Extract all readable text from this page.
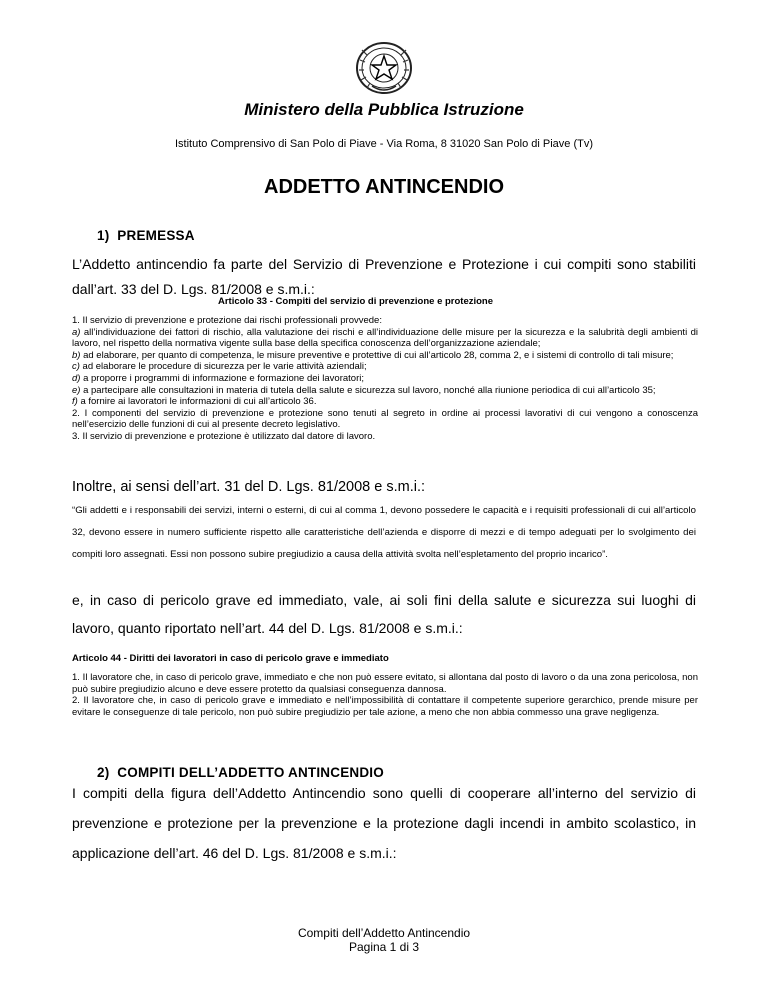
Ministero della Pubblica Istruzione
Istituto Comprensivo di San Polo di Piave - Via Roma, 8 31020 San Polo di Piave (Tv)
ADDETTO ANTINCENDIO
1)  PREMESSA
L’Addetto antincendio fa parte del Servizio di Prevenzione e Protezione i cui compiti sono stabiliti dall’art. 33 del D. Lgs. 81/2008 e s.m.i.:
Articolo 33 - Compiti del servizio di prevenzione e protezione

1. Il servizio di prevenzione e protezione dai rischi professionali provvede:

a) all’individuazione dei fattori di rischio, alla valutazione dei rischi e all’individuazione delle misure per la sicurezza e la salubrità degli ambienti di lavoro, nel rispetto della normativa vigente sulla base della specifica conoscenza dell’organizzazione aziendale;

b) ad elaborare, per quanto di competenza, le misure preventive e protettive di cui all’articolo 28, comma 2, e i sistemi di controllo di tali misure;

c) ad elaborare le procedure di sicurezza per le varie attività aziendali;

d) a proporre i programmi di informazione e formazione dei lavoratori;

e) a partecipare alle consultazioni in materia di tutela della salute e sicurezza sul lavoro, nonché alla riunione periodica di cui all’articolo 35;

f) a fornire ai lavoratori le informazioni di cui all’articolo 36.

2. I componenti del servizio di prevenzione e protezione sono tenuti al segreto in ordine ai processi lavorativi di cui vengono a conoscenza nell’esercizio delle funzioni di cui al presente decreto legislativo.

3. Il servizio di prevenzione e protezione è utilizzato dal datore di lavoro.

Inoltre, ai sensi dell’art. 31 del D. Lgs. 81/2008 e s.m.i.:
“Gli addetti e i responsabili dei servizi, interni o esterni, di cui al comma 1, devono possedere le capacità e i requisiti professionali di cui all’articolo 32, devono essere in numero sufficiente rispetto alle caratteristiche dell’azienda e disporre di mezzi e di tempo adeguati per lo svolgimento dei compiti loro assegnati. Essi non possono subire pregiudizio a causa della attività svolta nell’espletamento del proprio incarico”.
e, in caso di pericolo grave ed immediato, vale, ai soli fini della salute e sicurezza sui luoghi di lavoro, quanto riportato nell’art. 44 del D. Lgs. 81/2008 e s.m.i.:
Articolo 44 - Diritti dei lavoratori in caso di pericolo grave e immediato

1. Il lavoratore che, in caso di pericolo grave, immediato e che non può essere evitato, si allontana dal posto di lavoro o da una zona pericolosa, non può subire pregiudizio alcuno e deve essere protetto da qualsiasi conseguenza dannosa.

2. Il lavoratore che, in caso di pericolo grave e immediato e nell’impossibilità di contattare il competente superiore gerarchico, prende misure per evitare le conseguenze di tale pericolo, non può subire pregiudizio per tale azione, a meno che non abbia commesso una grave negligenza.

2)  COMPITI DELL’ADDETTO ANTINCENDIO
I compiti della figura dell’Addetto Antincendio sono quelli di cooperare all’interno del servizio di prevenzione e protezione per la prevenzione e la protezione dagli incendi in ambito scolastico, in applicazione dell’art. 46 del D. Lgs. 81/2008 e s.m.i.:
Compiti dell’Addetto Antincendio
Pagina 1 di 3
